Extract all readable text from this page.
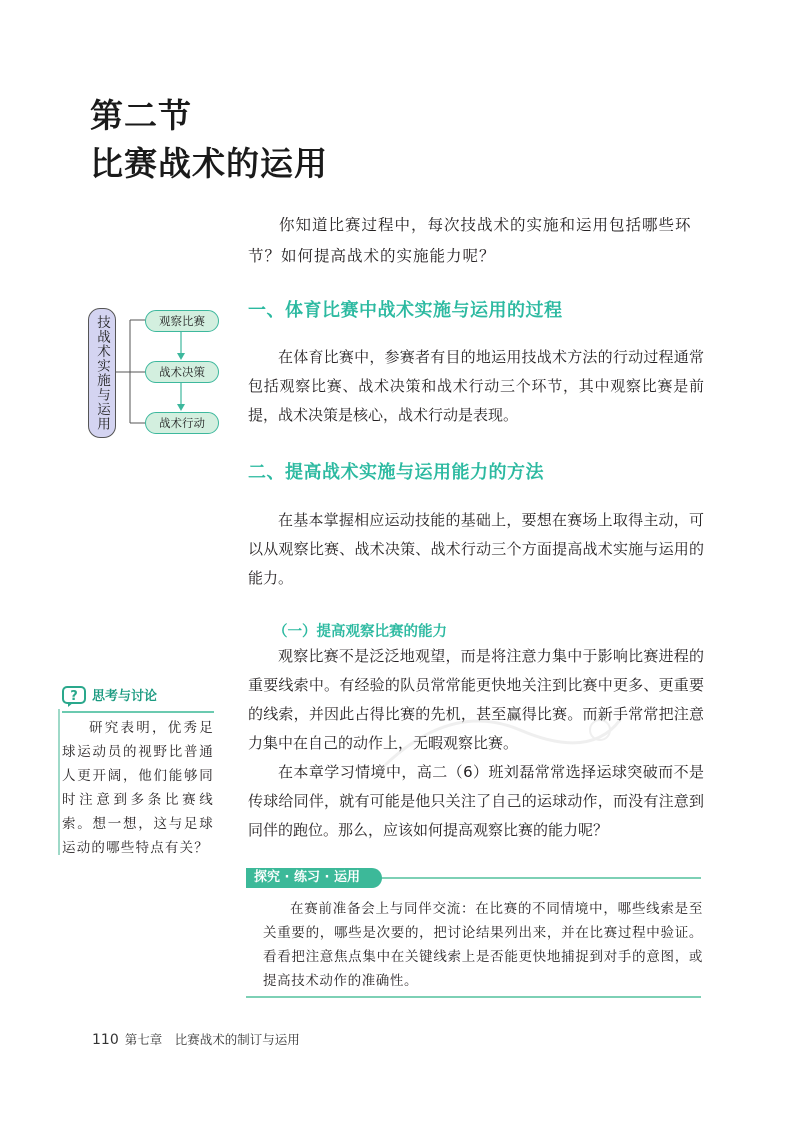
第二节
比赛战术的运用

你知道比赛过程中，每次技战术的实施和运用包括哪些环节？如何提高战术的实施能力呢？

技战术实施与运用	观察比赛
战术决策
战术行动
一、体育比赛中战术实施与运用的过程

在体育比赛中，参赛者有目的地运用技战术方法的行动过程通常包括观察比赛、战术决策和战术行动三个环节，其中观察比赛是前提，战术决策是核心，战术行动是表现。

二、提高战术实施与运用能力的方法

在基本掌握相应运动技能的基础上，要想在赛场上取得主动，可以从观察比赛、战术决策、战术行动三个方面提高战术实施与运用的能力。

（一）提高观察比赛的能力

观察比赛不是泛泛地观望，而是将注意力集中于影响比赛进程的重要线索中。有经验的队员常常能更快地关注到比赛中更多、更重要的线索，并因此占得比赛的先机，甚至赢得比赛。而新手常常把注意力集中在自己的动作上，无暇观察比赛。

在本章学习情境中，高二（6）班刘磊常常选择运球突破而不是传球给同伴，就有可能是他只关注了自己的运球动作，而没有注意到同伴的跑位。那么，应该如何提高观察比赛的能力呢？

? 思考与讨论

研究表明，优秀足球运动员的视野比普通人更开阔，他们能够同时注意到多条比赛线索。想一想，这与足球运动的哪些特点有关？

探究 · 练习 · 运用

在赛前准备会上与同伴交流：在比赛的不同情境中，哪些线索是至关重要的，哪些是次要的，把讨论结果列出来，并在比赛过程中验证。看看把注意焦点集中在关键线索上是否能更快地捕捉到对手的意图，或提高技术动作的准确性。

110 第七章　比赛战术的制订与运用
